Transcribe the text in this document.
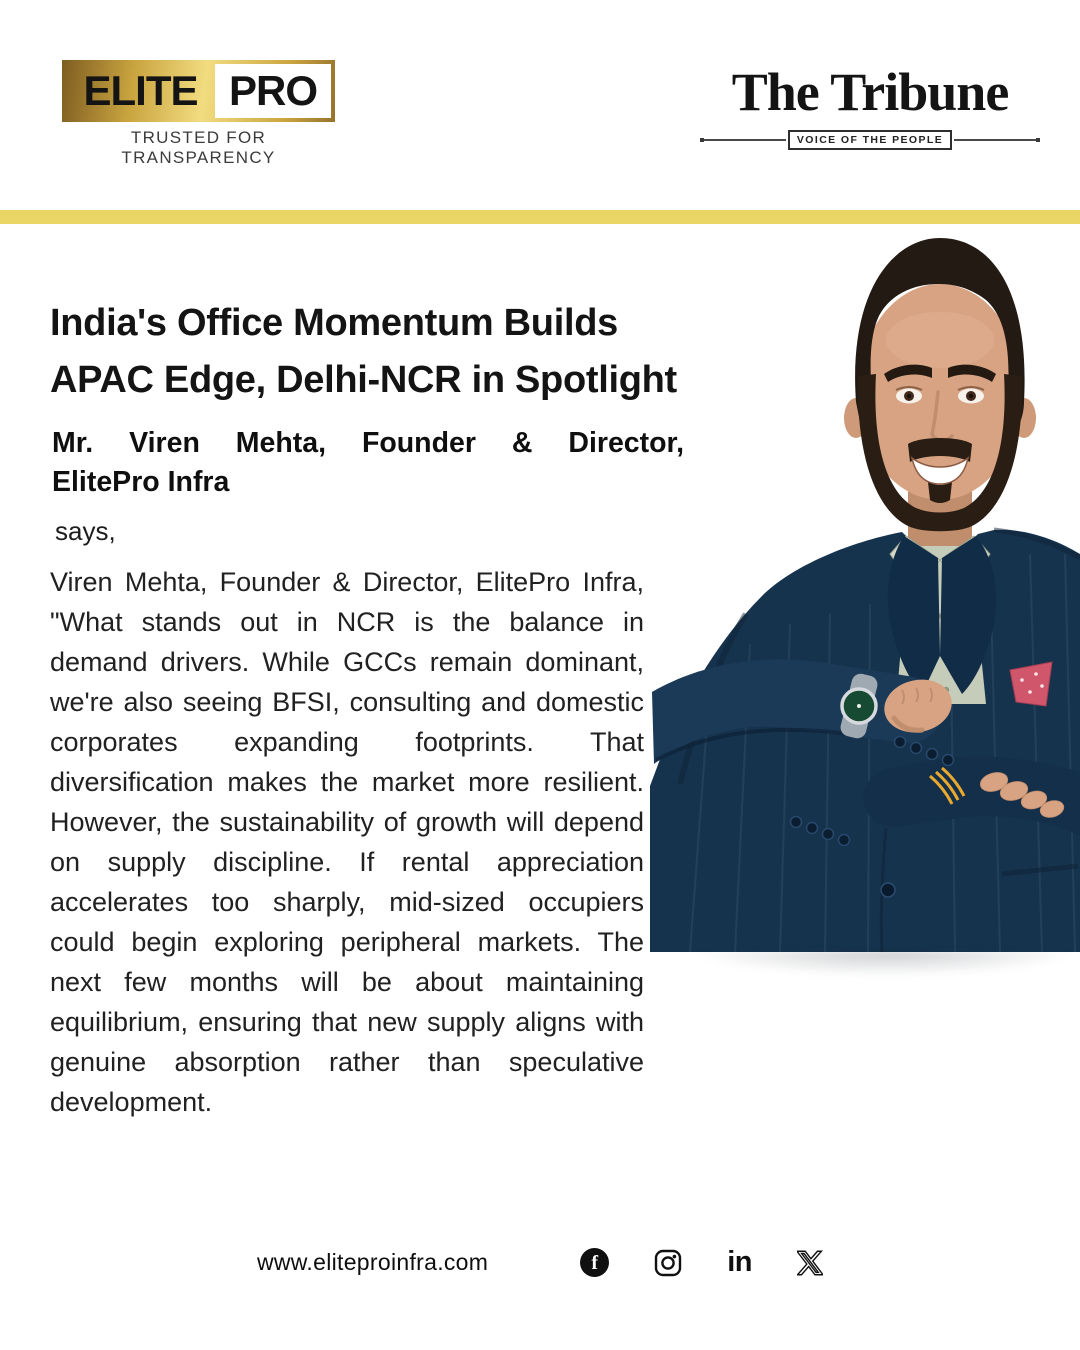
ELITE PRO
TRUSTED FOR TRANSPARENCY
The Tribune
VOICE OF THE PEOPLE
India's Office Momentum Builds
APAC Edge, Delhi-NCR in Spotlight
Mr. Viren Mehta, Founder & Director,
ElitePro Infra
says,
Viren Mehta, Founder & Director, ElitePro Infra, "What stands out in NCR is the balance in demand drivers. While GCCs remain dominant, we're also seeing BFSI, consulting and domestic corporates expanding footprints. That diversification makes the market more resilient. However, the sustainability of growth will depend on supply discipline. If rental appreciation accelerates too sharply, mid-sized occupiers could begin exploring peripheral markets. The next few months will be about maintaining equilibrium, ensuring that new supply aligns with genuine absorption rather than speculative development.
www.eliteproinfra.com	f	in
